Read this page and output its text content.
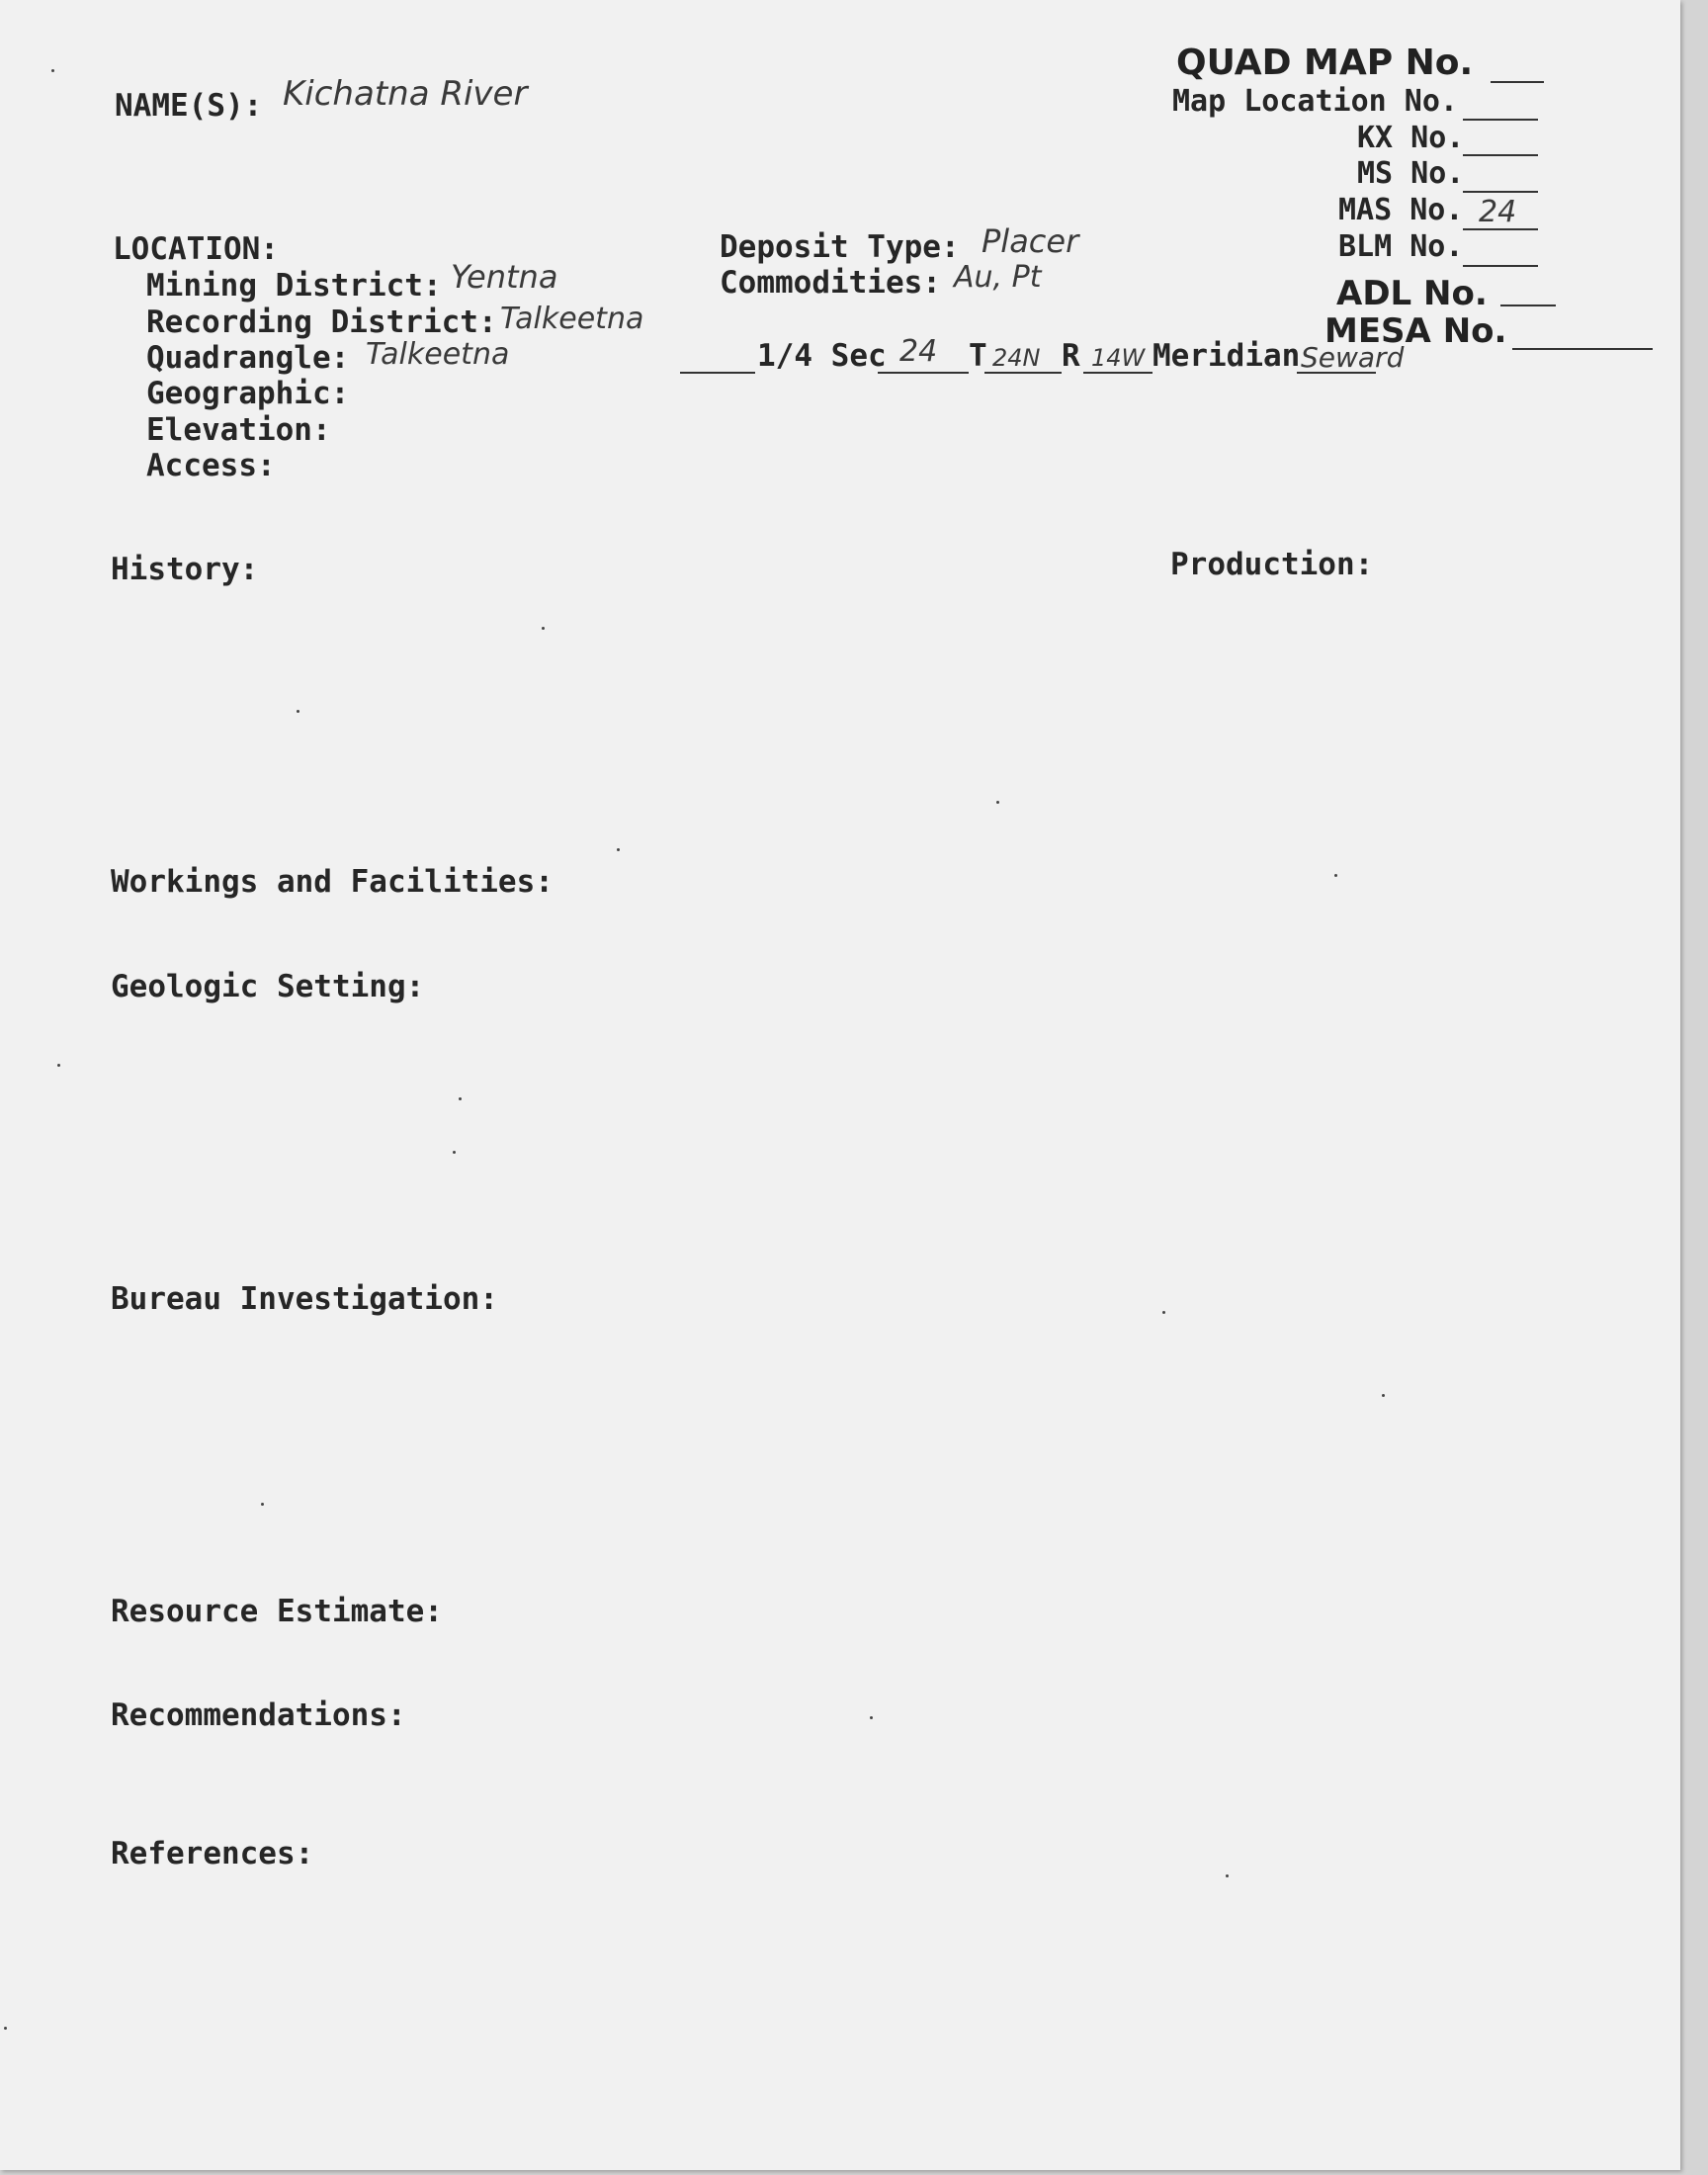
NAME(S): Kichatna River

QUAD MAP No.

Map Location No.

KX No.

MS No.

MAS No. 24

BLM No.

ADL No.

MESA No.

LOCATION:

Mining District: Yentna

Recording District: Talkeetna

Quadrangle: Talkeetna

Geographic:

Elevation:

Access:

Deposit Type: Placer

Commodities: Au, Pt

1/4 Sec 24 T 24N R 14W Meridian Seward

History:	Production:

Workings and Facilities:

Geologic Setting:

Bureau Investigation:

Resource Estimate:

Recommendations:

References:
